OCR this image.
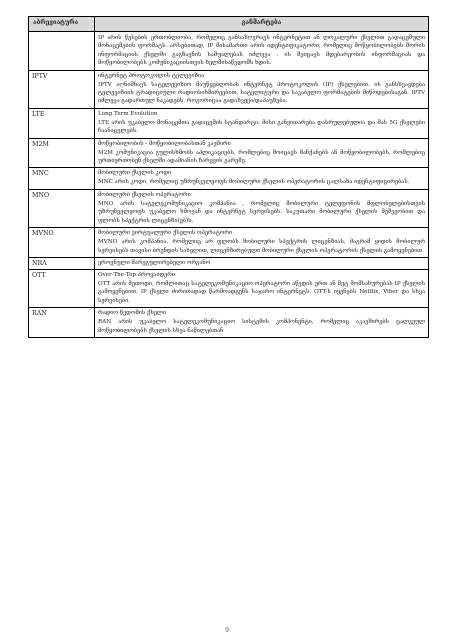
აბრევიატურა	განმარტება

	IP არის წესების ერთობლიობა, რომელიც განსაზღვრავს ინტერნეტით ან ლოკალური ქსელით გადაცემული მონაცემების ფორმატს. არსებითად, IP მისამართი არის იდენტიფიკატორი, რომელიც მოწყობილობებს შორის ინფორმაციის ქსელში გაგზავნის საშუალებას იძლევა . ის შეიცავს მდებარეობის ინფორმაციას და მოწყობილობებს კომუნიკაციისთვის ხელმისაწვდომს ხდის.

IPTV	ინტერნეტ პროტოკოლის ტელევიზია
IPTV აღნიშნავს სატელევიზიო მაუწყებლობას ინტერნეტ პროტოკოლის (IP) ქსელებით. ის განსხვავდება ტელევიზიის ტრადიციული რადიოსიხშირეებით, სატელიტური და საკაბელო ფორმატების მიწოდებისაგან. IPTV იძლევა გადართულ ნაკადებს, როგორიცაა გადახვევა/დაპაუზება.

LTE	Long Term Evolution
LTE არის უკაბელო მონაცემთა გადაცემის სტანდარტი. მისი განვითარება დასრულებულია და მას 5G ქსელები ჩაანაცვლებს.

M2M	მოწყობილობის - მოწყობილობასთან კავშირი
M2M კომუნიკაცია გულისხმობს აპლიკაციებს, რომლებიც მოიცავს მანქანებს ან მოწყობილობებს, რომლებიც ურთიერთობენ ქსელში ადამიანის ჩარევის გარეშე.

MNC	მობილური ქსელის კოდი
MNC არის კოდი, რომელიც უზრუნველყოფს მობილური ქსელის ოპერატორის ცალსახა იდენტიფიცირებას.

MNO	მობილური ქსელის ოპერატორი
MNO არის სატელეკომუნიკაციო კომპანია , რომელიც მობილური ტელეფონის მფლობელებისთვის უზრუნველყოფს უკაბელო ხმოვან და ინტერნეტ სერვისებს. საკუთარი მობილური ქსელის მეშვეობით და ფლობს სპექტრის ლიცენზი(ებ)ს.

MVNO	მობილური ვირტუალური ქსელის ოპერატორი
MVNO არის კომპანია, რომელიც არ ფლობს მობილური სპექტრის ლიცენზიას, მაგრამ ყიდის მობილურ სერვისებს თავისი ბრენდის სახელით, ლიცენზირებული მობილური ქსელის ოპერატორის ქსელის გამოყენებით.

NRA	ეროვნული მარეგულირებელი ორგანო

OTT	Over-The-Top პროვაიდერი
OTT არის მეთოდი, რომლითაც სატელეკომუნიკაციო ოპერატორი აწვდის ერთ ან მეტ მომსახურებას IP ქსელის გამოყენებით. IP ქსელი ძირითადად წარმოადგენს საჯარო ინტერნეტს. OTT-ს იყენებს Netflix, Viber და სხვა სერვისები.

RAN	რადიო წვდომის ქსელი
RAN არის უკაბელო სატელეკომუნიკაციო სისტემის კომპონენტი, რომელიც აკავშირებს ცალკეულ მოწყობილობებს ქსელის სხვა ნაწილებთან
9
